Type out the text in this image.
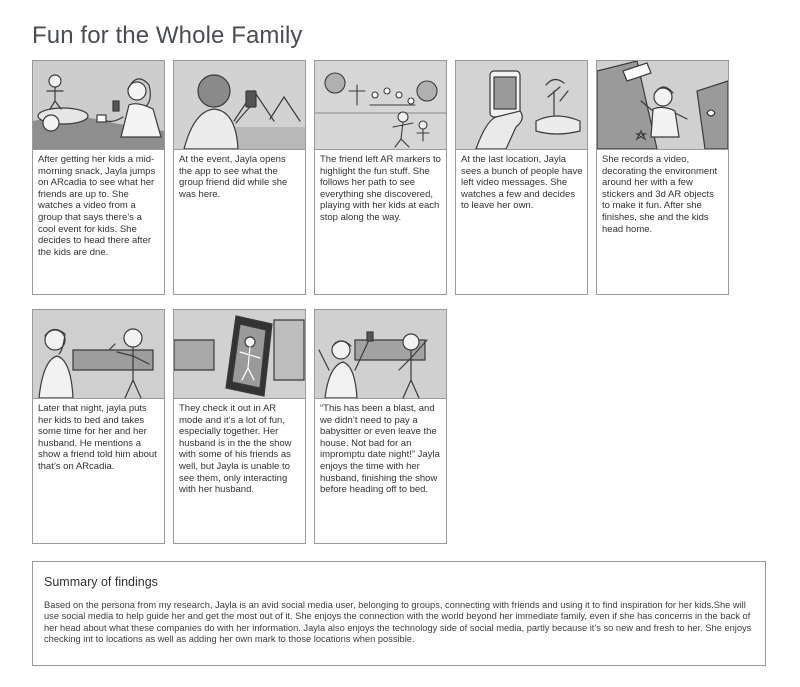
Fun for the Whole Family
After getting her kids a mid-morning snack, Jayla jumps on ARcadia to see what her friends are up to. She watches a video from a group that says there’s a cool event for kids. She decides to head there after the kids are dne.
At the event, Jayla opens the app to see what the group friend did while she was here.
The friend left AR markers to highlight the fun stuff. She follows her path to see everything she discovered, playing with her kids at each stop along the way.
At the last location, Jayla sees a bunch of people have left video messages. She watches a few and decides to leave her own.
She records a video, decorating the environment around her with a few stickers and 3d AR objects to make it fun. After she finishes, she and the kids head home.
Later that night, jayla puts her kids to bed and takes some time for her and her husband. He mentions a show a friend told him about that’s on ARcadia.
They check it out in AR mode and it’s a lot of fun, especially together. Her husband is in the the show with some of his friends as well, but Jayla is unable to see them, only interacting with her husband.
“This has been a blast, and we didn’t need to pay a babysitter or even leave the house. Not bad for an impromptu date night!” Jayla enjoys the time with her husband, finishing the show before heading off to bed.
Summary of findings

Based on the persona from my research, Jayla is an avid social media user, belonging to groups, connecting with friends and using it to find inspiration for her kids.She will use social media to help guide her and get the most out of it. She enjoys the connection with the world beyond her immediate family, even if she has concerns in the back of her head about what these companies do with her information. Jayla also enjoys the technology side of social media, partly because it’s so new and fresh to her. She enjoys checking int to locations as well as adding her own mark to those locations when possible.
